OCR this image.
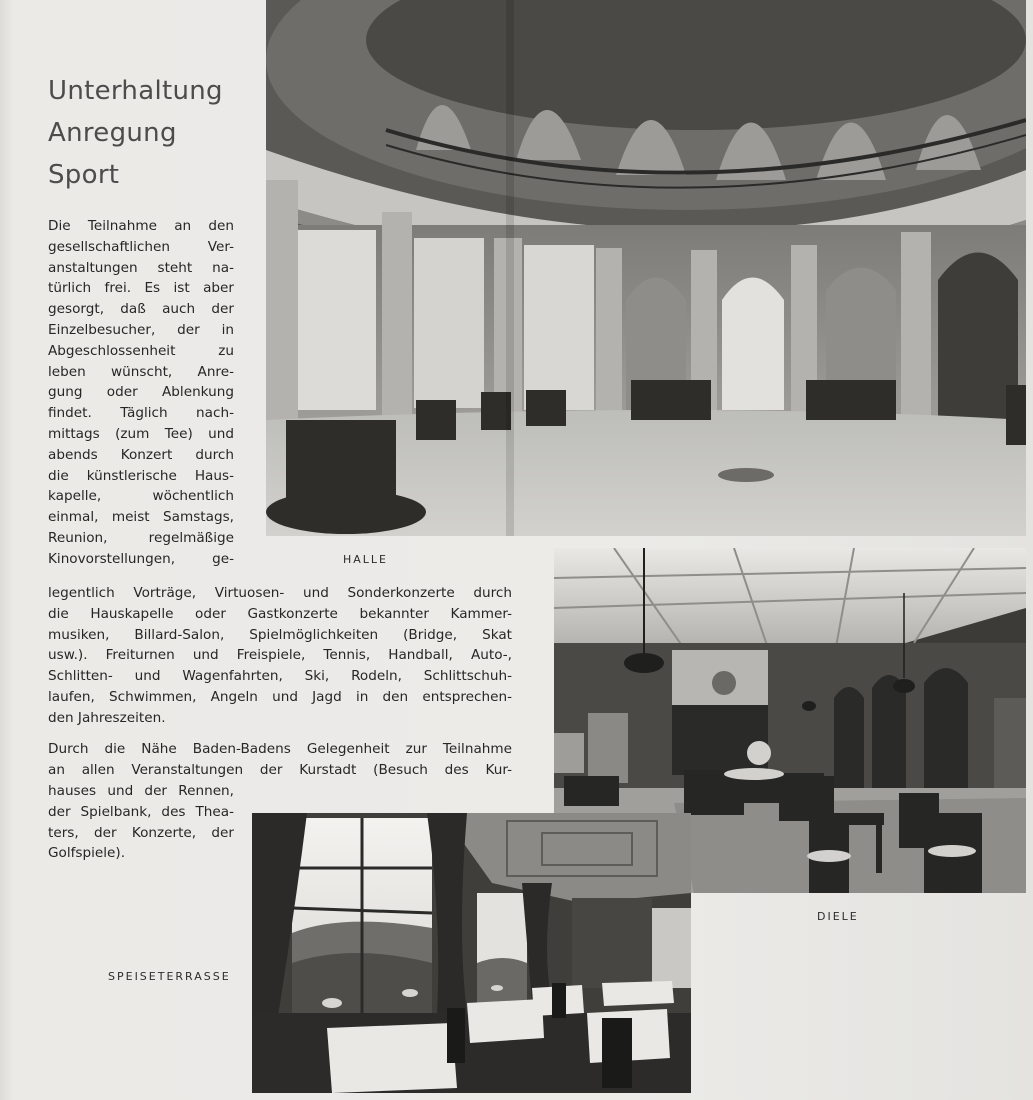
Unterhaltung
Anregung
Sport
Die Teilnahme an den
gesellschaftlichen Ver-
anstaltungen steht na-
türlich frei. Es ist aber
gesorgt, daß auch der
Einzelbesucher, der in
Abgeschlossenheit zu
leben wünscht, Anre-
gung oder Ablenkung
findet. Täglich nach-
mittags (zum Tee) und
abends Konzert durch
die künstlerische Haus-
kapelle, wöchentlich
einmal, meist Samstags,
Reunion, regelmäßige
Kinovorstellungen, ge-
legentlich Vorträge, Virtuosen- und Sonderkonzerte durch
die Hauskapelle oder Gastkonzerte bekannter Kammer-
musiken, Billard-Salon, Spielmöglichkeiten (Bridge, Skat
usw.). Freiturnen und Freispiele, Tennis, Handball, Auto-,
Schlitten- und Wagenfahrten, Ski, Rodeln, Schlittschuh-
laufen, Schwimmen, Angeln und Jagd in den entsprechen-
den Jahreszeiten.
Durch die Nähe Baden-Badens Gelegenheit zur Teilnahme
an allen Veranstaltungen der Kurstadt (Besuch des Kur-
hauses und der Rennen,
der Spielbank, des Thea-
ters, der Konzerte, der
Golfspiele).
HALLE
DIELE
SPEISETERRASSE
